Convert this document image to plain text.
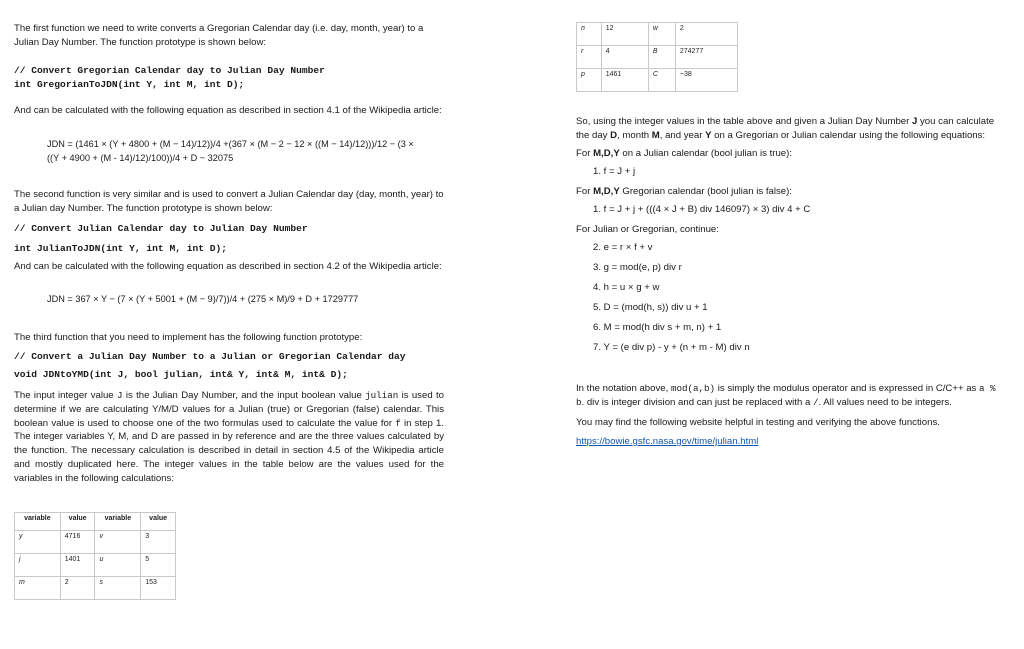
The first function we need to write converts a Gregorian Calendar day (i.e. day, month, year) to a Julian Day Number. The function prototype is shown below:
// Convert Gregorian Calendar day to Julian Day Number
int GregorianToJDN(int Y, int M, int D);
And can be calculated with the following equation as described in section 4.1 of the Wikipedia article:
JDN = (1461 × (Y + 4800 + (M − 14)/12))/4 +(367 × (M − 2 − 12 × ((M − 14)/12)))/12 − (3 ×
((Y + 4900 + (M - 14)/12)/100))/4 + D − 32075
The second function is very similar and is used to convert a Julian Calendar day (day, month, year) to a Julian day Number. The function prototype is shown below:
// Convert Julian Calendar day to Julian Day Number
int JulianToJDN(int Y, int M, int D);
And can be calculated with the following equation as described in section 4.2 of the Wikipedia article:
JDN = 367 × Y − (7 × (Y + 5001 + (M − 9)/7))/4 + (275 × M)/9 + D + 1729777
The third function that you need to implement has the following function prototype:
// Convert a Julian Day Number to a Julian or Gregorian Calendar day
void JDNtoYMD(int J, bool julian, int& Y, int& M, int& D);
The input integer value J is the Julian Day Number, and the input boolean value julian is used to determine if we are calculating Y/M/D values for a Julian (true) or Gregorian (false) calendar. This boolean value is used to choose one of the two formulas used to calculate the value for f in step 1. The integer variables Y, M, and D are passed in by reference and are the three values calculated by the function. The necessary calculation is described in detail in section 4.5 of the Wikipedia article and mostly duplicated here. The integer values in the table below are the values used for the variables in the following calculations:
variable	value	variable	value
y	4716	v	3
j	1401	u	5
m	2	s	153
n	12	w	2
r	4	B	274277
p	1461	C	−38
So, using the integer values in the table above and given a Julian Day Number J you can calculate the day D, month M, and year Y on a Gregorian or Julian calendar using the following equations:
For M,D,Y on a Julian calendar (bool julian is true):
1. f = J + j
For M,D,Y Gregorian calendar (bool julian is false):
1. f = J + j + (((4 × J + B) div 146097) × 3) div 4 + C
For Julian or Gregorian, continue:
2. e = r × f + v
3. g = mod(e, p) div r
4. h = u × g + w
5. D = (mod(h, s)) div u + 1
6. M = mod(h div s + m, n) + 1
7. Y = (e div p) - y + (n + m - M) div n
In the notation above, mod(a,b) is simply the modulus operator and is expressed in C/C++ as a % b. div is integer division and can just be replaced with a /. All values need to be integers.
You may find the following website helpful in testing and verifying the above functions.
https://bowie.gsfc.nasa.gov/time/julian.html
